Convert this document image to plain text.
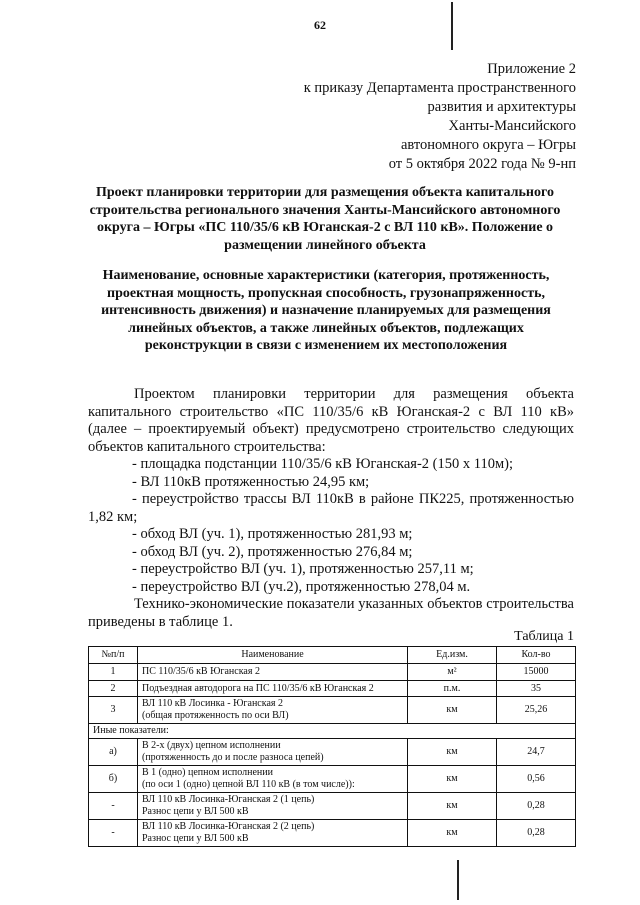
62
Приложение 2
к приказу Департамента пространственного
развития и архитектуры
Ханты-Мансийского
автономного округа – Югры
от 5 октября 2022 года № 9-нп
Проект планировки территории для размещения объекта капитального строительства регионального значения Ханты-Мансийского автономного округа – Югры «ПС 110/35/6 кВ Юганская-2 с ВЛ 110 кВ». Положение о размещении линейного объекта
Наименование, основные характеристики (категория, протяженность, проектная мощность, пропускная способность, грузонапряженность, интенсивность движения) и назначение планируемых для размещения линейных объектов, а также линейных объектов, подлежащих реконструкции в связи с изменением их местоположения

Проектом планировки территории для размещения объекта капитального строительство «ПС 110/35/6 кВ Юганская-2 с ВЛ 110 кВ» (далее – проектируемый объект) предусмотрено строительство следующих объектов капитального строительства:

- площадка подстанции 110/35/6 кВ Юганская-2 (150 х 110м);

- ВЛ 110кВ протяженностью 24,95 км;

- переустройство трассы ВЛ 110кВ в районе ПК225, протяженностью 1,82 км;

- обход ВЛ (уч. 1), протяженностью 281,93 м;

- обход ВЛ (уч. 2), протяженностью 276,84 м;

- переустройство ВЛ (уч. 1), протяженностью 257,11 м;

- переустройство ВЛ (уч.2), протяженностью 278,04 м.

Технико-экономические показатели указанных объектов строительства приведены в таблице 1.

Таблица 1
№п/п	Наименование	Ед.изм.	Кол-во
1	ПС 110/35/6 кВ Юганская 2	м²	15000
2	Подъездная автодорога на ПС 110/35/6 кВ Юганская 2	п.м.	35
3	ВЛ 110 кВ Лосинка - Юганская 2
(общая протяженность по оси ВЛ)	км	25,26
Иные показатели:			
а)	В 2-х (двух) цепном исполнении
(протяженность до и после разноса цепей)	км	24,7
б)	В 1 (одно) цепном исполнении
(по оси 1 (одно) цепной ВЛ 110 кВ (в том числе)):	км	0,56
-	ВЛ 110 кВ Лосинка-Юганская 2 (1 цепь)
Разнос цепи у ВЛ 500 кВ	км	0,28
-	ВЛ 110 кВ Лосинка-Юганская 2 (2 цепь)
Разнос цепи у ВЛ 500 кВ	км	0,28
